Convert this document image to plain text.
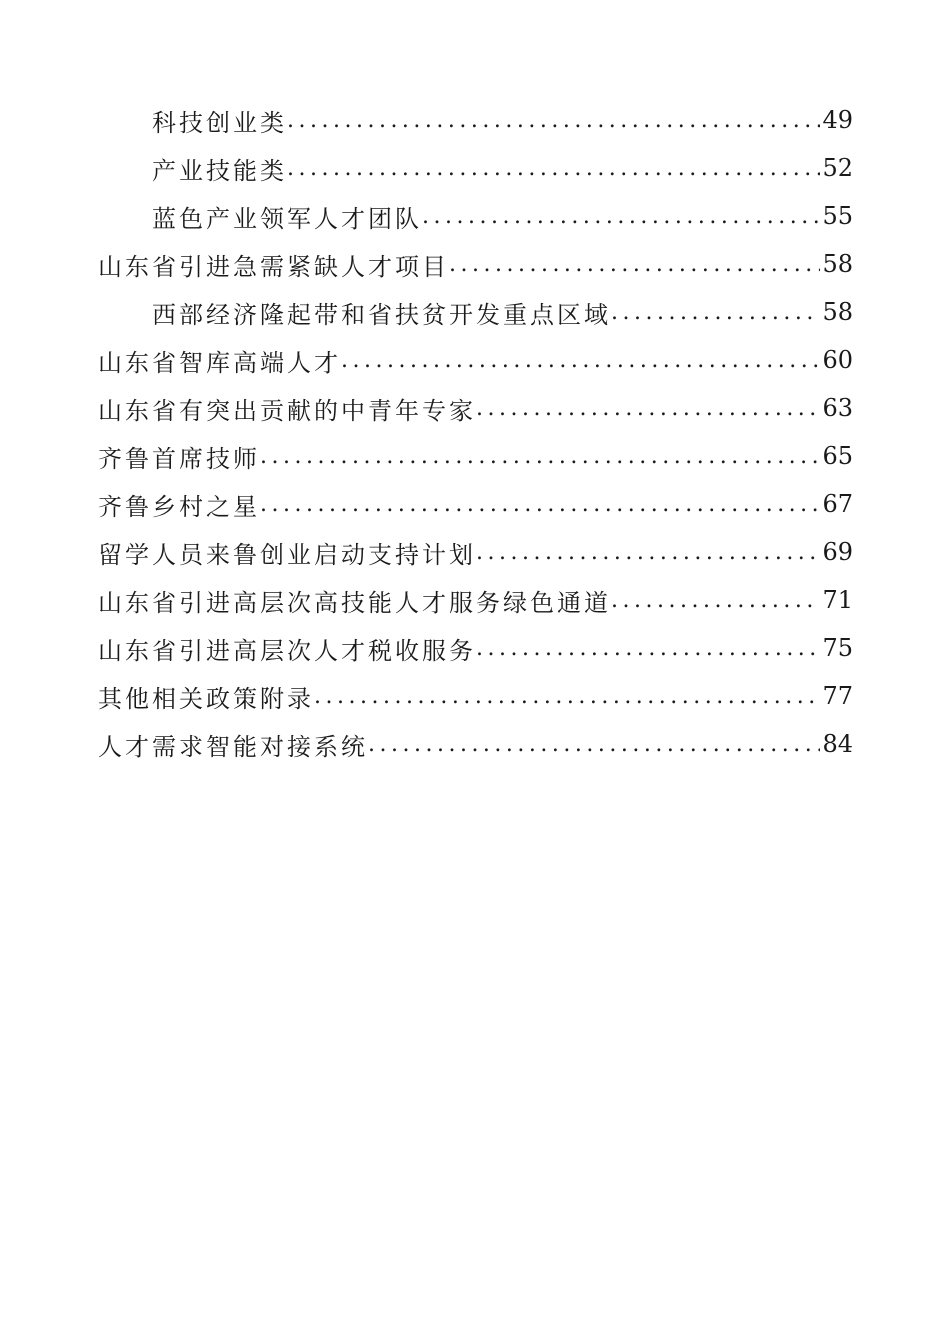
科技创业类 .....	49
产业技能类 .....	52
蓝色产业领军人才团队 .....	55
山东省引进急需紧缺人才项目 .....	58
西部经济隆起带和省扶贫开发重点区域 .....	58
山东省智库高端人才 .....	60
山东省有突出贡献的中青年专家 .....	63
齐鲁首席技师 .....	65
齐鲁乡村之星 .....	67
留学人员来鲁创业启动支持计划 .....	69
山东省引进高层次高技能人才服务绿色通道 .....	71
山东省引进高层次人才税收服务 .....	75
其他相关政策附录 .....	77
人才需求智能对接系统 .....	84
